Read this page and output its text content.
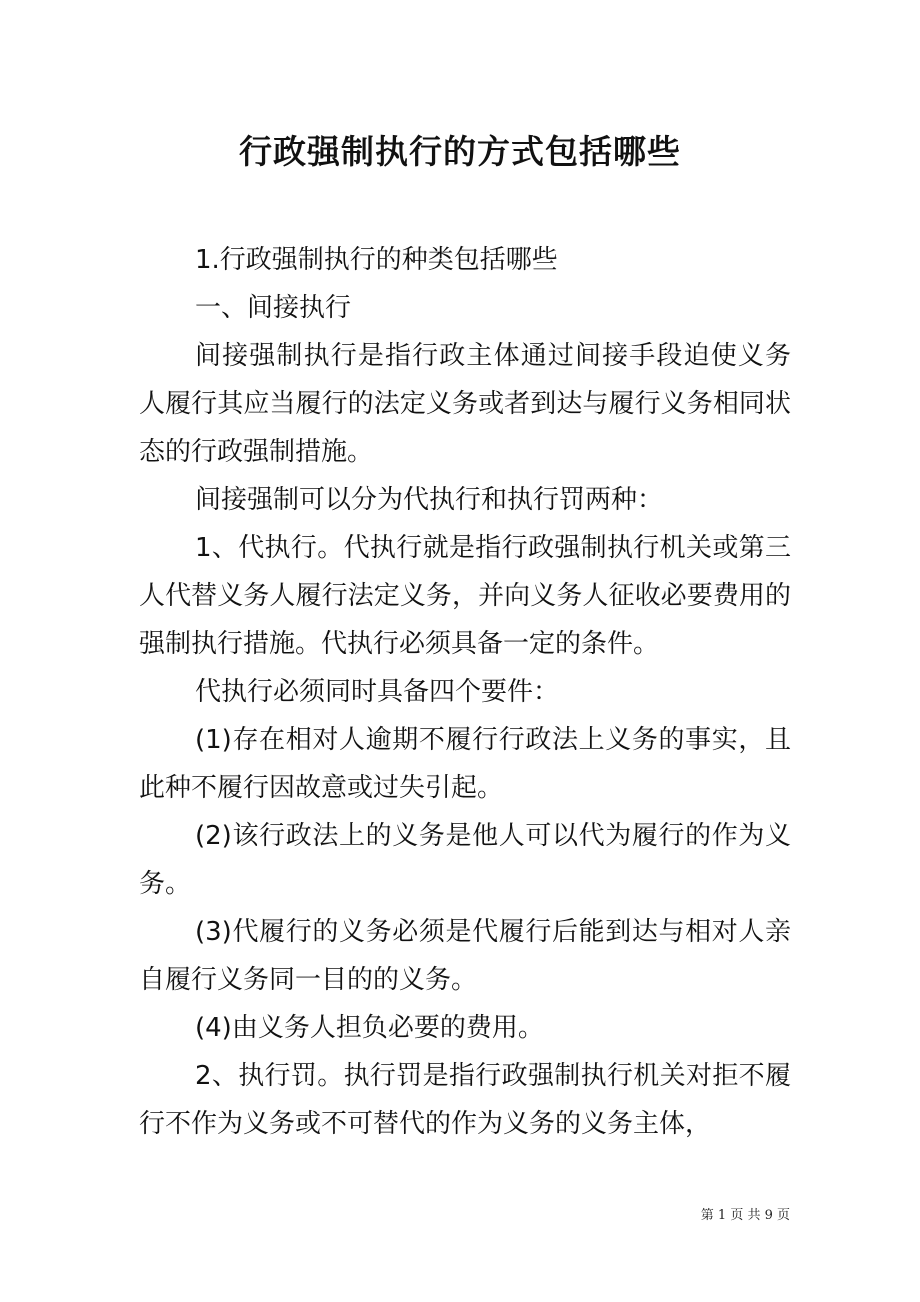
行政强制执行的方式包括哪些

1.行政强制执行的种类包括哪些

一、间接执行

间接强制执行是指行政主体通过间接手段迫使义务人履行其应当履行的法定义务或者到达与履行义务相同状态的行政强制措施。

间接强制可以分为代执行和执行罚两种：

1、代执行。代执行就是指行政强制执行机关或第三人代替义务人履行法定义务，并向义务人征收必要费用的强制执行措施。代执行必须具备一定的条件。

代执行必须同时具备四个要件：

(1)存在相对人逾期不履行行政法上义务的事实，且此种不履行因故意或过失引起。

(2)该行政法上的义务是他人可以代为履行的作为义务。

(3)代履行的义务必须是代履行后能到达与相对人亲自履行义务同一目的的义务。

(4)由义务人担负必要的费用。

2、执行罚。执行罚是指行政强制执行机关对拒不履行不作为义务或不可替代的作为义务的义务主体，

第 1 页 共 9 页
